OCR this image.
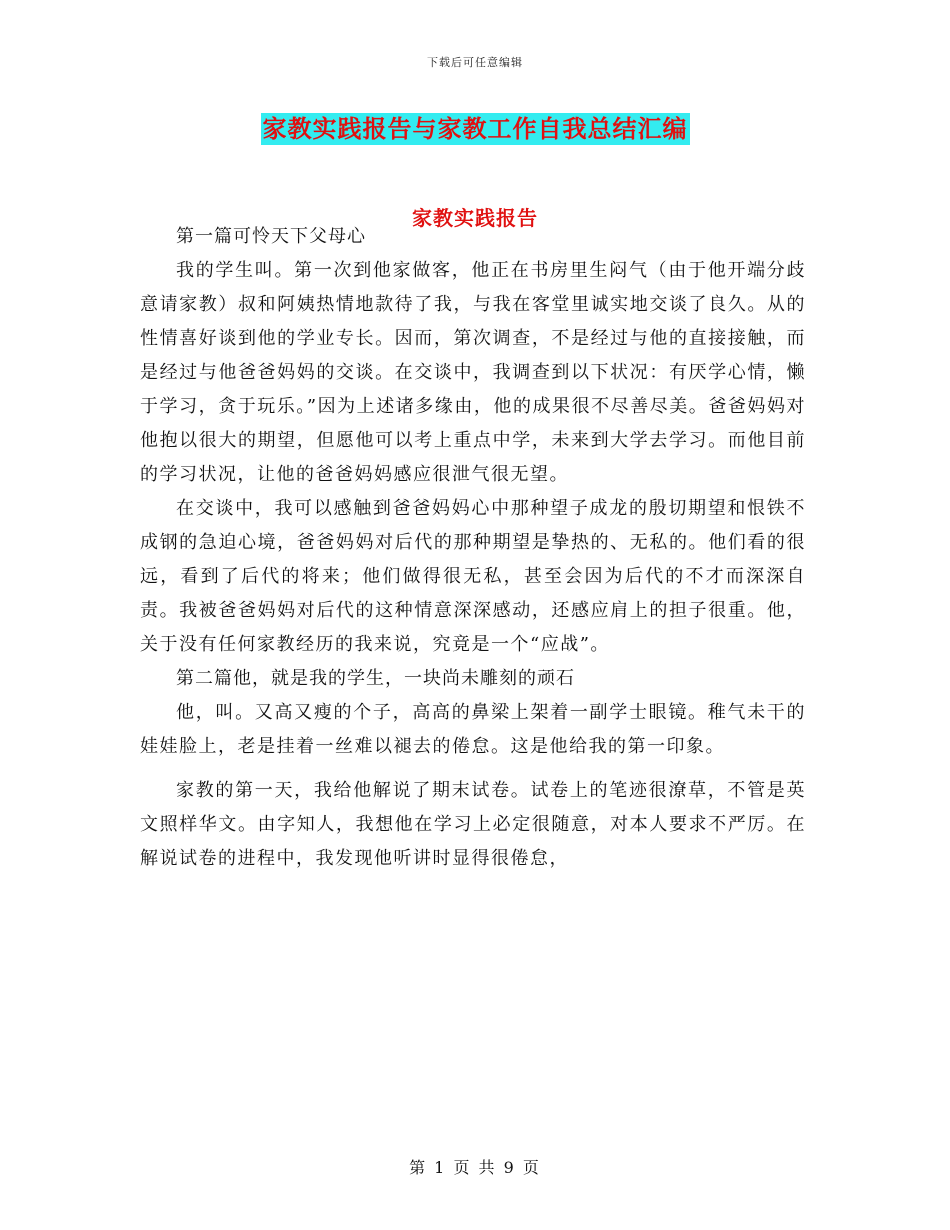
下载后可任意编辑
家教实践报告与家教工作自我总结汇编
家教实践报告

第一篇可怜天下父母心

我的学生叫。第一次到他家做客，他正在书房里生闷气（由于他开端分歧意请家教）叔和阿姨热情地款待了我，与我在客堂里诚实地交谈了良久。从的性情喜好谈到他的学业专长。因而，第次调查，不是经过与他的直接接触，而是经过与他爸爸妈妈的交谈。在交谈中，我调查到以下状况：有厌学心情，懒于学习，贪于玩乐。”因为上述诸多缘由，他的成果很不尽善尽美。爸爸妈妈对他抱以很大的期望，但愿他可以考上重点中学，未来到大学去学习。而他目前的学习状况，让他的爸爸妈妈感应很泄气很无望。

在交谈中，我可以感触到爸爸妈妈心中那种望子成龙的殷切期望和恨铁不成钢的急迫心境，爸爸妈妈对后代的那种期望是挚热的、无私的。他们看的很远，看到了后代的将来；他们做得很无私，甚至会因为后代的不才而深深自责。我被爸爸妈妈对后代的这种情意深深感动，还感应肩上的担子很重。他，关于没有任何家教经历的我来说，究竟是一个“应战”。

第二篇他，就是我的学生，一块尚未雕刻的顽石

他，叫。又高又瘦的个子，高高的鼻梁上架着一副学士眼镜。稚气未干的娃娃脸上，老是挂着一丝难以褪去的倦怠。这是他给我的第一印象。

家教的第一天，我给他解说了期末试卷。试卷上的笔迹很潦草，不管是英文照样华文。由字知人，我想他在学习上必定很随意，对本人要求不严厉。在解说试卷的进程中，我发现他听讲时显得很倦怠，

第 1 页 共 9 页
